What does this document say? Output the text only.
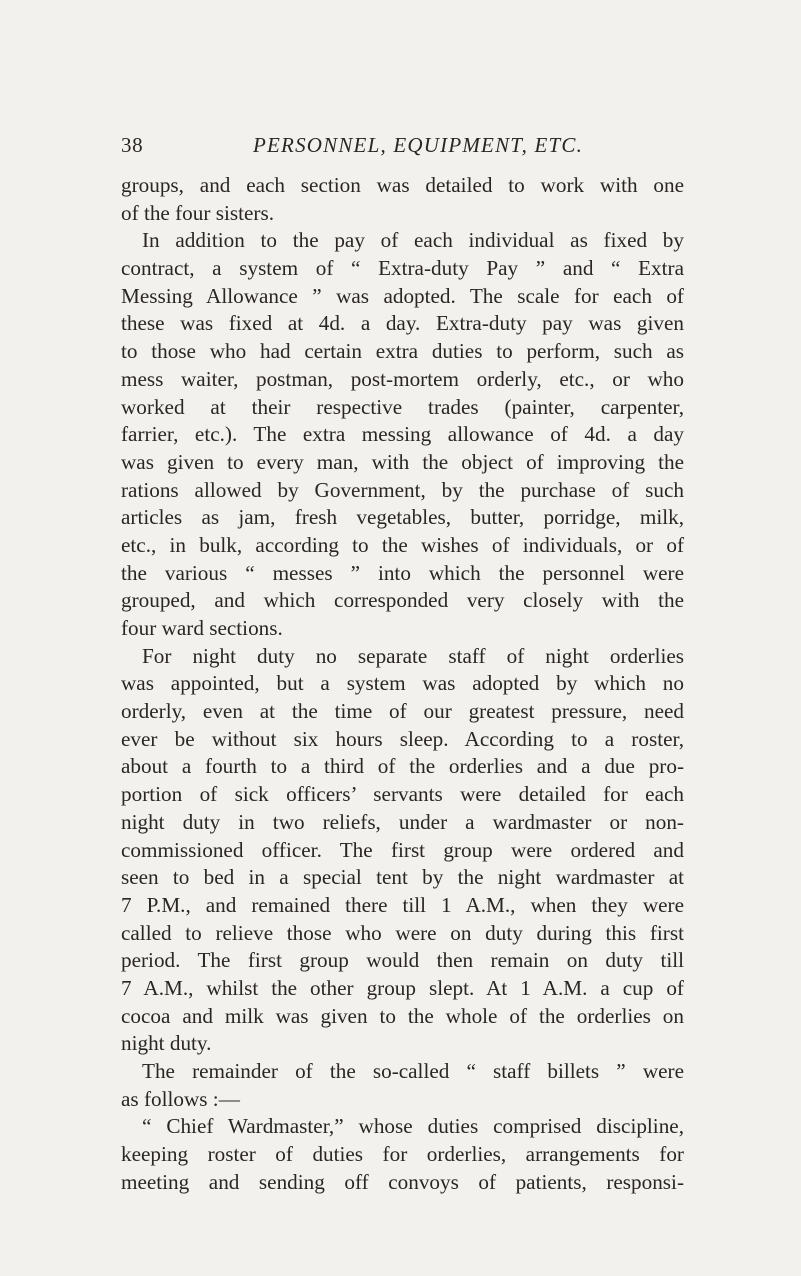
38	PERSONNEL, EQUIPMENT, ETC.
groups, and each section was detailed to work with one
of the four sisters.
In addition to the pay of each individual as fixed by
contract, a system of “ Extra-duty Pay ” and “ Extra
Messing Allowance ” was adopted. The scale for each of
these was fixed at 4d. a day. Extra-duty pay was given
to those who had certain extra duties to perform, such as
mess waiter, postman, post-mortem orderly, etc., or who
worked at their respective trades (painter, carpenter,
farrier, etc.). The extra messing allowance of 4d. a day
was given to every man, with the object of improving the
rations allowed by Government, by the purchase of such
articles as jam, fresh vegetables, butter, porridge, milk,
etc., in bulk, according to the wishes of individuals, or of
the various “ messes ” into which the personnel were
grouped, and which corresponded very closely with the
four ward sections.
For night duty no separate staff of night orderlies
was appointed, but a system was adopted by which no
orderly, even at the time of our greatest pressure, need
ever be without six hours sleep. According to a roster,
about a fourth to a third of the orderlies and a due pro-
portion of sick officers’ servants were detailed for each
night duty in two reliefs, under a wardmaster or non-
commissioned officer. The first group were ordered and
seen to bed in a special tent by the night wardmaster at
7 P.M., and remained there till 1 A.M., when they were
called to relieve those who were on duty during this first
period. The first group would then remain on duty till
7 A.M., whilst the other group slept. At 1 A.M. a cup of
cocoa and milk was given to the whole of the orderlies on
night duty.
The remainder of the so-called “ staff billets ” were
as follows :—
“ Chief Wardmaster,” whose duties comprised discipline,
keeping roster of duties for orderlies, arrangements for
meeting and sending off convoys of patients, responsi-
